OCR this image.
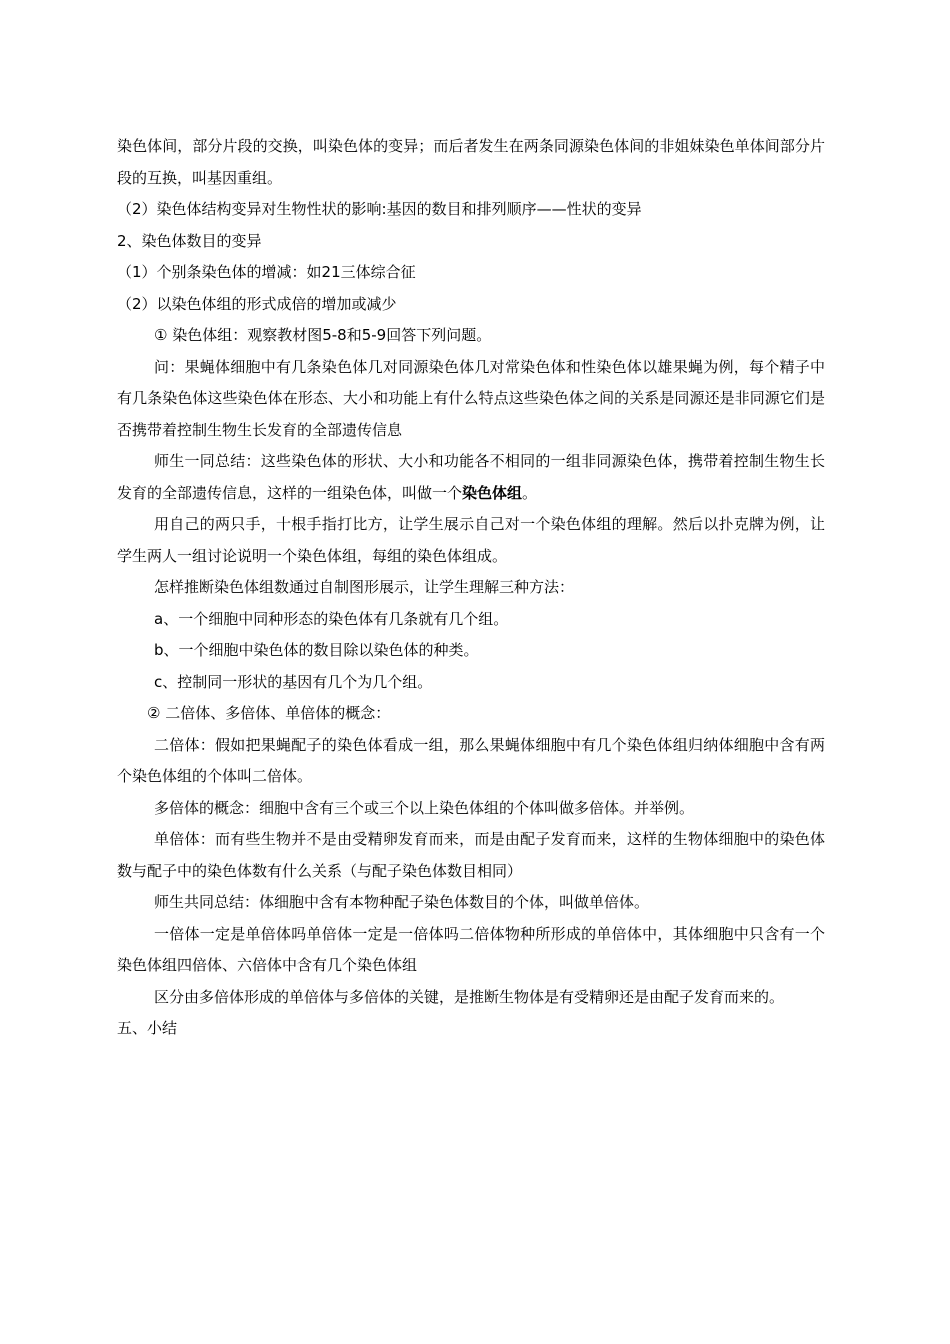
染色体间，部分片段的交换，叫染色体的变异；而后者发生在两条同源染色体间的非姐妹染色单体间部分片段的互换，叫基因重组。

（2）染色体结构变异对生物性状的影响:基因的数目和排列顺序——性状的变异

2、染色体数目的变异

（1）个别条染色体的增减：如21三体综合征

（2）以染色体组的形式成倍的增加或减少

① 染色体组：观察教材图5-8和5-9回答下列问题。

问：果蝇体细胞中有几条染色体几对同源染色体几对常染色体和性染色体以雄果蝇为例，每个精子中有几条染色体这些染色体在形态、大小和功能上有什么特点这些染色体之间的关系是同源还是非同源它们是否携带着控制生物生长发育的全部遗传信息

师生一同总结：这些染色体的形状、大小和功能各不相同的一组非同源染色体，携带着控制生物生长发育的全部遗传信息，这样的一组染色体，叫做一个染色体组。

用自己的两只手，十根手指打比方，让学生展示自己对一个染色体组的理解。然后以扑克牌为例，让学生两人一组讨论说明一个染色体组，每组的染色体组成。

怎样推断染色体组数通过自制图形展示，让学生理解三种方法：

a、一个细胞中同种形态的染色体有几条就有几个组。

b、一个细胞中染色体的数目除以染色体的种类。

c、控制同一形状的基因有几个为几个组。

② 二倍体、多倍体、单倍体的概念：

二倍体：假如把果蝇配子的染色体看成一组，那么果蝇体细胞中有几个染色体组归纳体细胞中含有两个染色体组的个体叫二倍体。

多倍体的概念：细胞中含有三个或三个以上染色体组的个体叫做多倍体。并举例。

单倍体：而有些生物并不是由受精卵发育而来，而是由配子发育而来，这样的生物体细胞中的染色体数与配子中的染色体数有什么关系（与配子染色体数目相同）

师生共同总结：体细胞中含有本物种配子染色体数目的个体，叫做单倍体。

一倍体一定是单倍体吗单倍体一定是一倍体吗二倍体物种所形成的单倍体中，其体细胞中只含有一个染色体组四倍体、六倍体中含有几个染色体组

区分由多倍体形成的单倍体与多倍体的关键，是推断生物体是有受精卵还是由配子发育而来的。

五、小结
